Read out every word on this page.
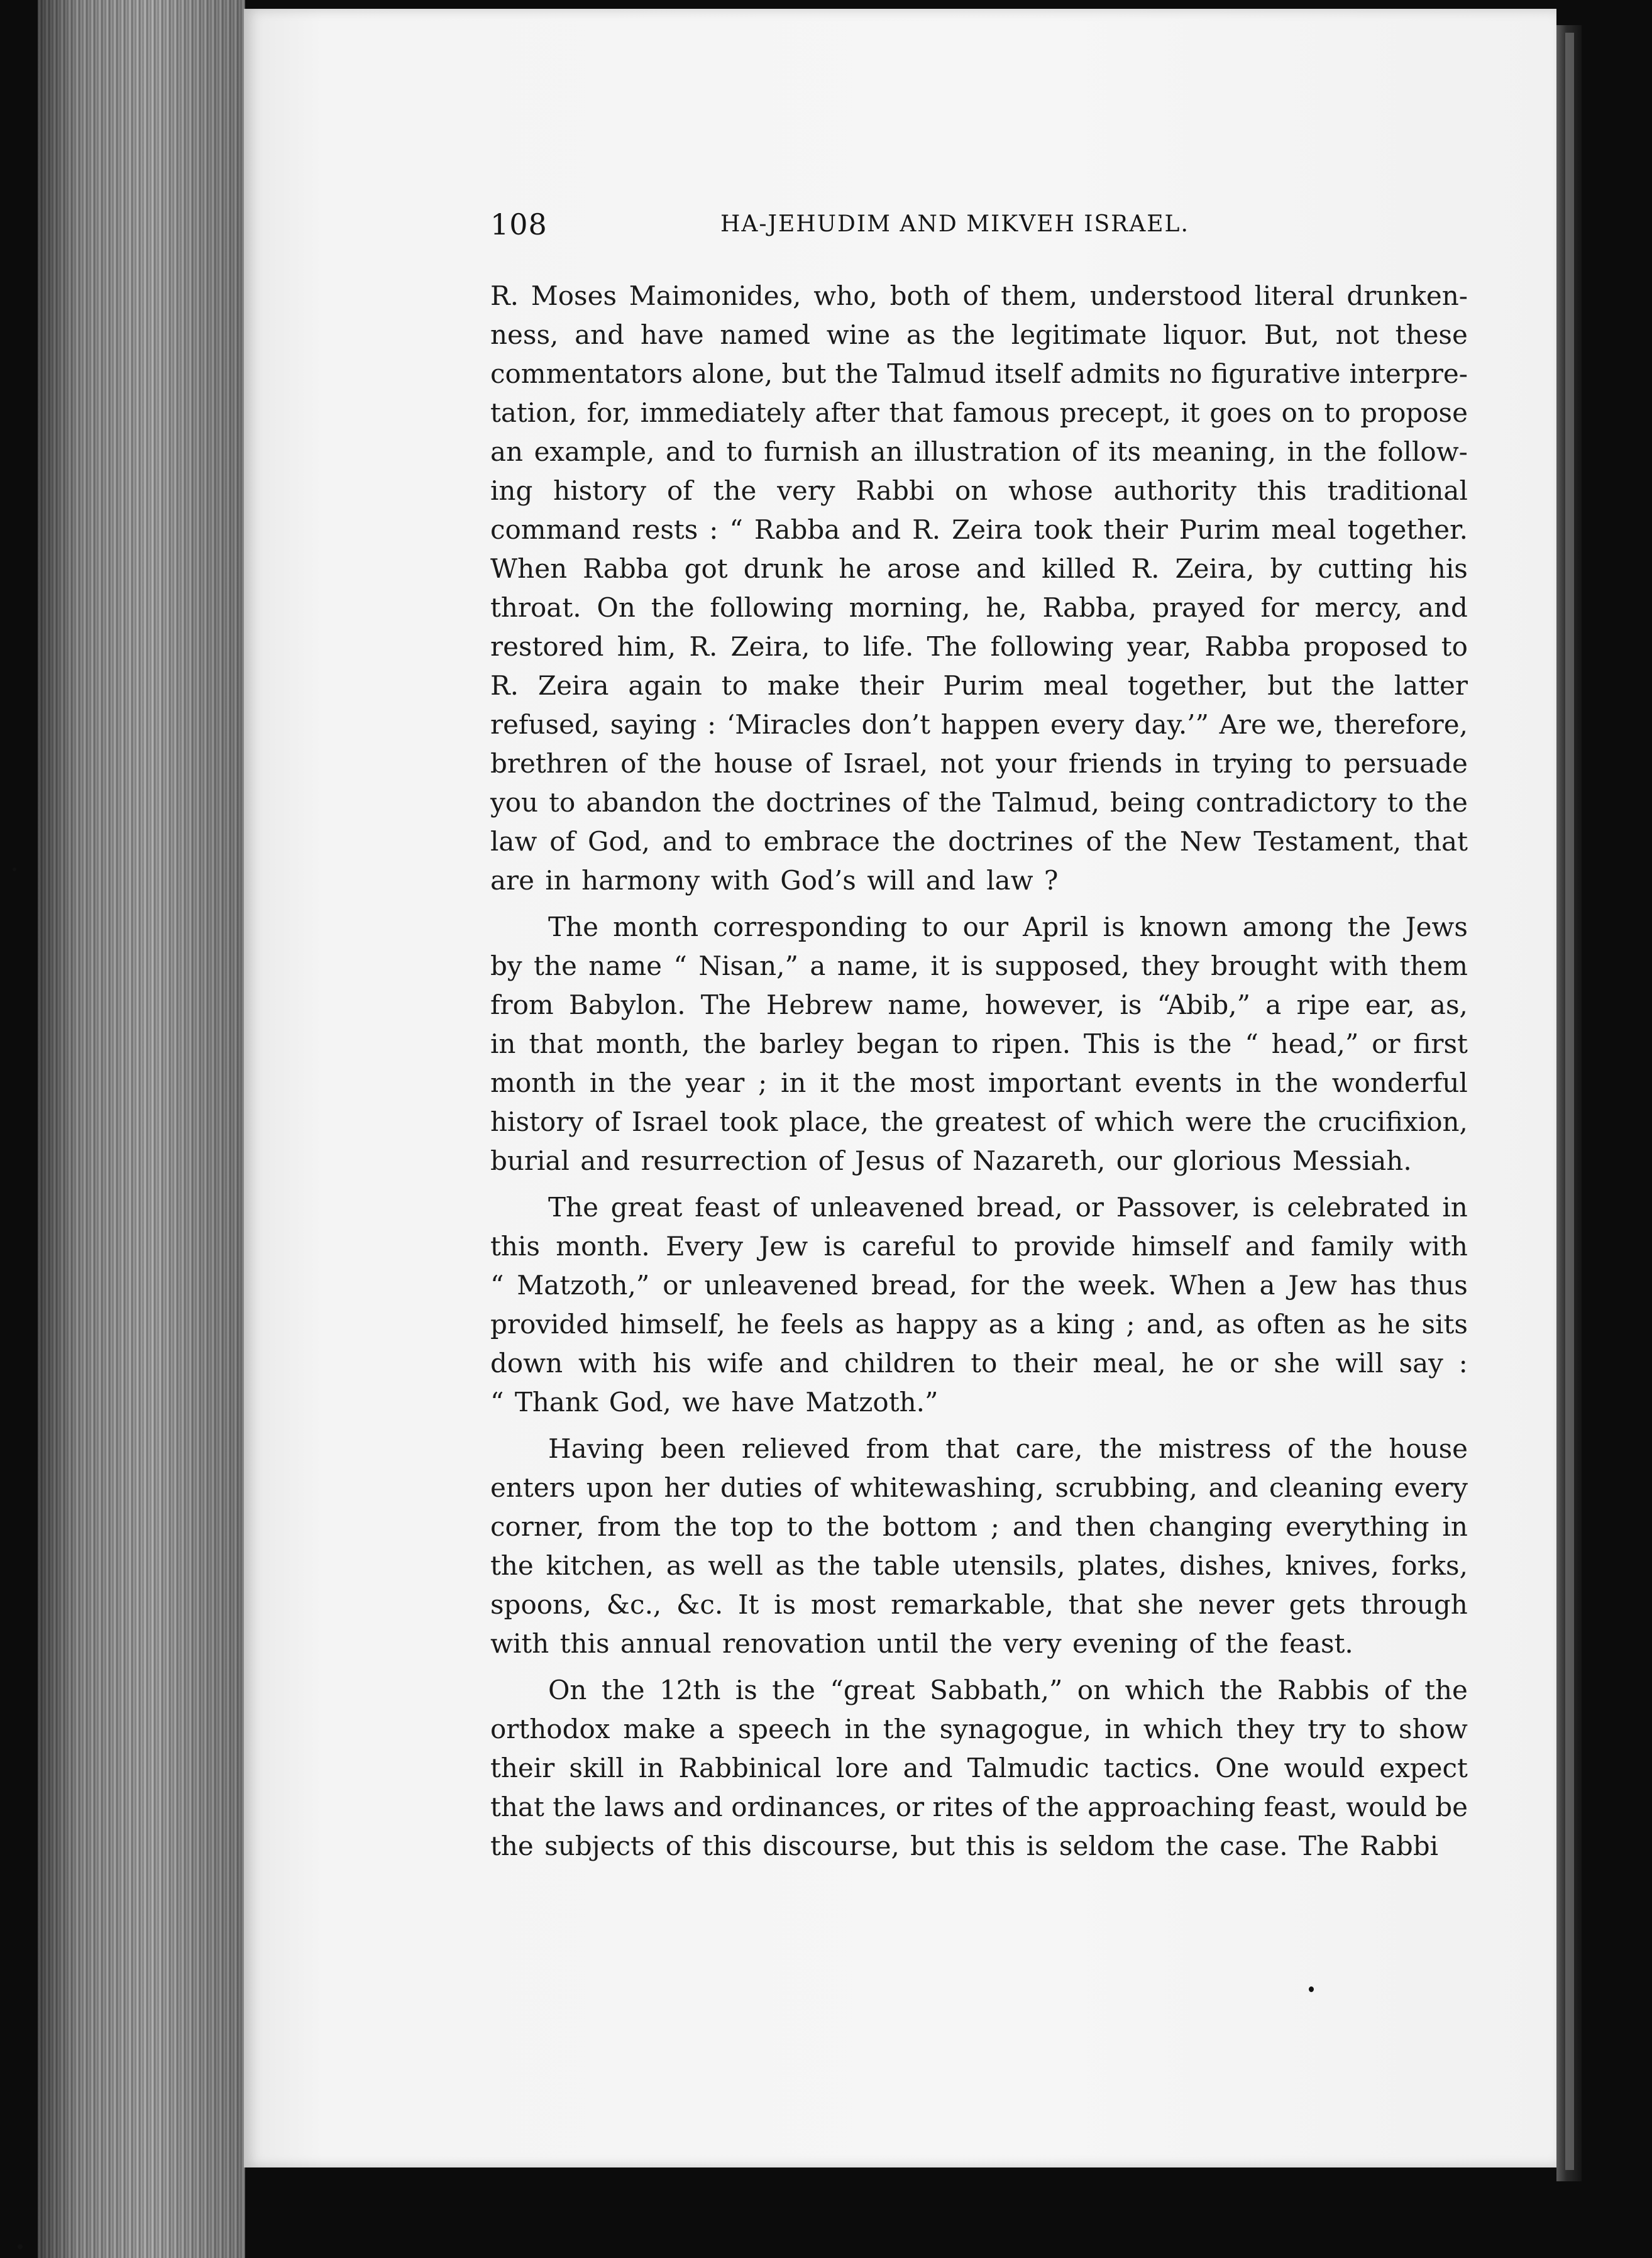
108	HA-JEHUDIM AND MIKVEH ISRAEL.
R. Moses Maimonides, who, both of them, understood literal drunken-
ness, and have named wine as the legitimate liquor. But, not these
commentators alone, but the Talmud itself admits no figurative interpre-
tation, for, immediately after that famous precept, it goes on to propose
an example, and to furnish an illustration of its meaning, in the follow-
ing history of the very Rabbi on whose authority this traditional
command rests : “ Rabba and R. Zeira took their Purim meal together.
When Rabba got drunk he arose and killed R. Zeira, by cutting his
throat. On the following morning, he, Rabba, prayed for mercy, and
restored him, R. Zeira, to life. The following year, Rabba proposed to
R. Zeira again to make their Purim meal together, but the latter
refused, saying : ‘Miracles don’t happen every day.’” Are we, therefore,
brethren of the house of Israel, not your friends in trying to persuade
you to abandon the doctrines of the Talmud, being contradictory to the
law of God, and to embrace the doctrines of the New Testament, that
are in harmony with God’s will and law ?
The month corresponding to our April is known among the Jews
by the name “ Nisan,” a name, it is supposed, they brought with them
from Babylon. The Hebrew name, however, is “Abib,” a ripe ear, as,
in that month, the barley began to ripen. This is the “ head,” or first
month in the year ; in it the most important events in the wonderful
history of Israel took place, the greatest of which were the crucifixion,
burial and resurrection of Jesus of Nazareth, our glorious Messiah.
The great feast of unleavened bread, or Passover, is celebrated in
this month. Every Jew is careful to provide himself and family with
“ Matzoth,” or unleavened bread, for the week. When a Jew has thus
provided himself, he feels as happy as a king ; and, as often as he sits
down with his wife and children to their meal, he or she will say :
“ Thank God, we have Matzoth.”
Having been relieved from that care, the mistress of the house
enters upon her duties of whitewashing, scrubbing, and cleaning every
corner, from the top to the bottom ; and then changing everything in
the kitchen, as well as the table utensils, plates, dishes, knives, forks,
spoons, &c., &c. It is most remarkable, that she never gets through
with this annual renovation until the very evening of the feast.
On the 12th is the “great Sabbath,” on which the Rabbis of the
orthodox make a speech in the synagogue, in which they try to show
their skill in Rabbinical lore and Talmudic tactics. One would expect
that the laws and ordinances, or rites of the approaching feast, would be
the subjects of this discourse, but this is seldom the case. The Rabbi
